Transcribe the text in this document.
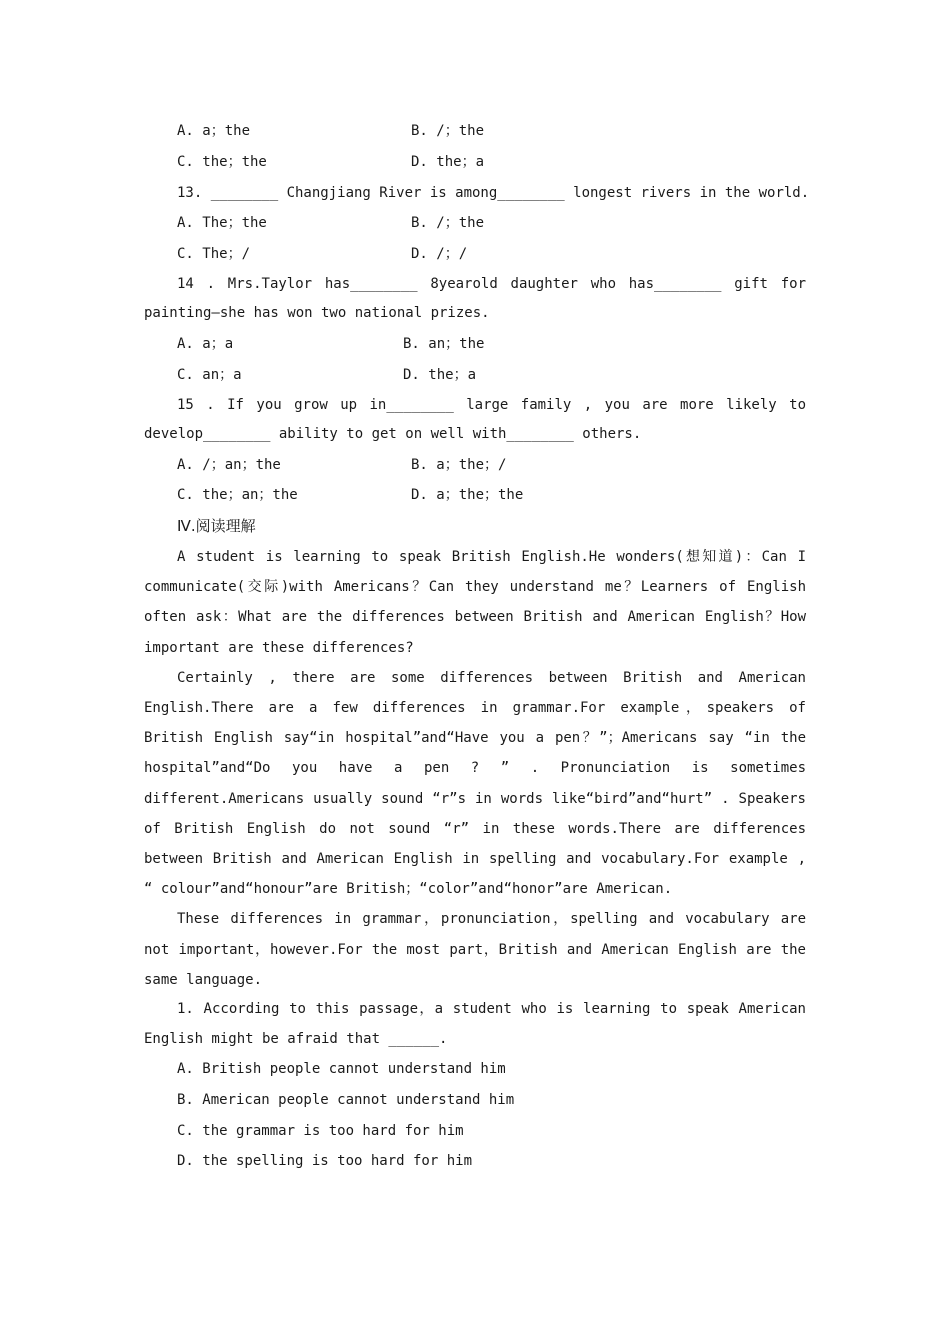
A. a；the	B. /；the
C. the；the	D. the；a
13. ________ Changjiang River is among________ longest rivers in the world.
A. The；the	B. /；the
C. The；/	D. /；/

14 . Mrs.Taylor has________ 8yearold daughter who has________ gift for painting—she has won two national prizes.

A. a；a	B. an；the
C. an；a	D. the；a

15 . If you grow up in________ large family , you are more likely to develop________ ability to get on well with________ others.

A. /；an；the	B. a；the；/
C. the；an；the	D. a；the；the
Ⅳ.阅读理解

A student is learning to speak British English.He wonders(想知道)：Can I communicate(交际)with Americans？Can they understand me？Learners of English often ask：What are the differences between British and American English？How important are these differences?

Certainly , there are some differences between British and American English.There are a few differences in grammar.For example，speakers of British English say“in hospital”and“Have you a pen？”；Americans say “in the hospital”and“Do you have a pen ? ” . Pronunciation is sometimes different.Americans usually sound “r”s in words like“bird”and“hurt” . Speakers of British English do not sound “r” in these words.There are differences between British and American English in spelling and vocabulary.For example , “ colour”and“honour”are British；“color”and“honor”are American.

These differences in grammar，pronunciation，spelling and vocabulary are not important，however.For the most part，British and American English are the same language.

1. According to this passage，a student who is learning to speak American English might be afraid that ______.

A. British people cannot understand him
B. American people cannot understand him
C. the grammar is too hard for him
D. the spelling is too hard for him
